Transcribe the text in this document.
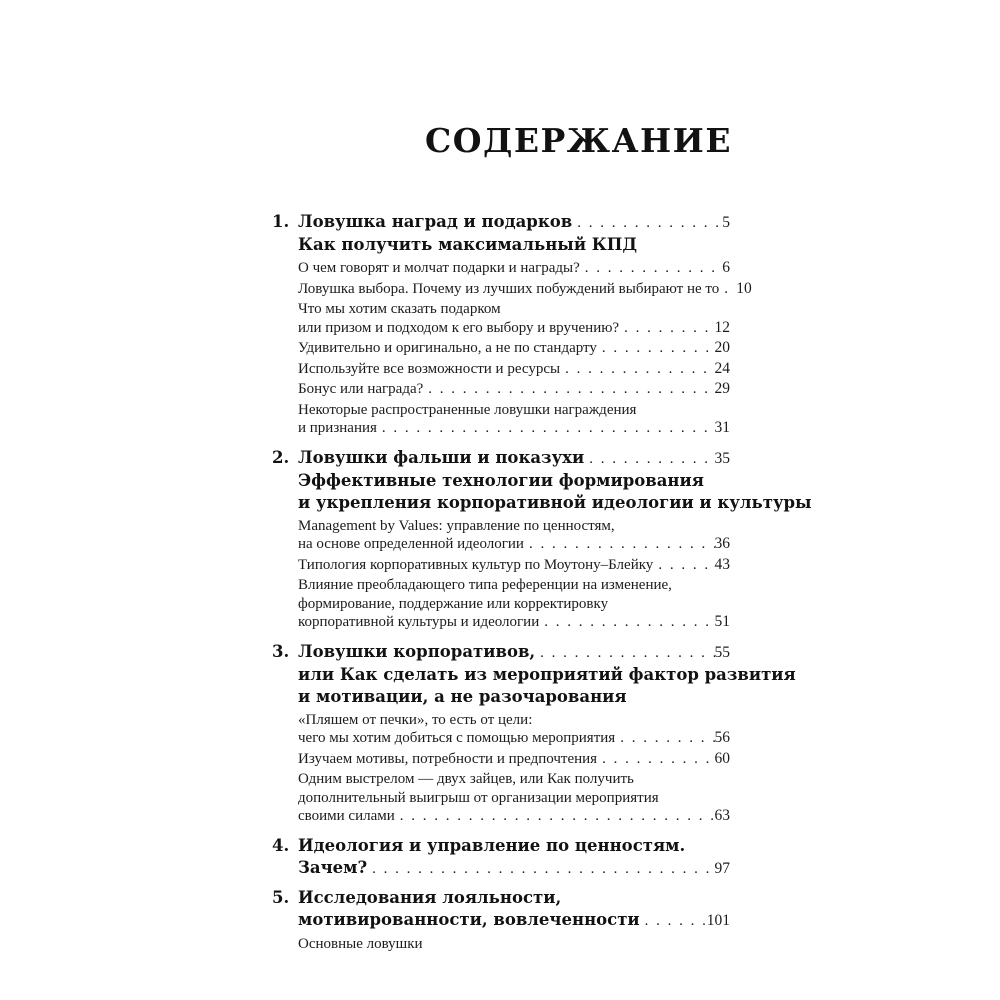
СОДЕРЖАНИЕ
1. Ловушка наград и подарков . . .	5
Как получить максимальный КПД
О чем говорят и молчат подарки и награды? . . .	6
Ловушка выбора. Почему из лучших побуждений выбирают не то . . . 10
Что мы хотим сказать подарком
или призом и подходом к его выбору и вручению? . . .	12
Удивительно и оригинально, а не по стандарту . . .	20
Используйте все возможности и ресурсы . . .	24
Бонус или награда? . . .	29
Некоторые распространенные ловушки награждения
и признания . . .	31
2. Ловушки фальши и показухи . . .	35
Эффективные технологии формирования
и укрепления корпоративной идеологии и культуры
Management by Values: управление по ценностям,
на основе определенной идеологии . . .	36
Типология корпоративных культур по Моутону–Блейку . . .	43
Влияние преобладающего типа референции на изменение,
формирование, поддержание или корректировку
корпоративной культуры и идеологии . . .	51
3. Ловушки корпоративов, . . .	55
или Как сделать из мероприятий фактор развития
и мотивации, а не разочарования
«Пляшем от печки», то есть от цели:
чего мы хотим добиться с помощью мероприятия . . .	56
Изучаем мотивы, потребности и предпочтения . . .	60
Одним выстрелом — двух зайцев, или Как получить
дополнительный выигрыш от организации мероприятия
своими силами . . .	63
4. Идеология и управление по ценностям.
Зачем? . . .	97
5. Исследования лояльности,
мотивированности, вовлеченности . . .	101
Основные ловушки
